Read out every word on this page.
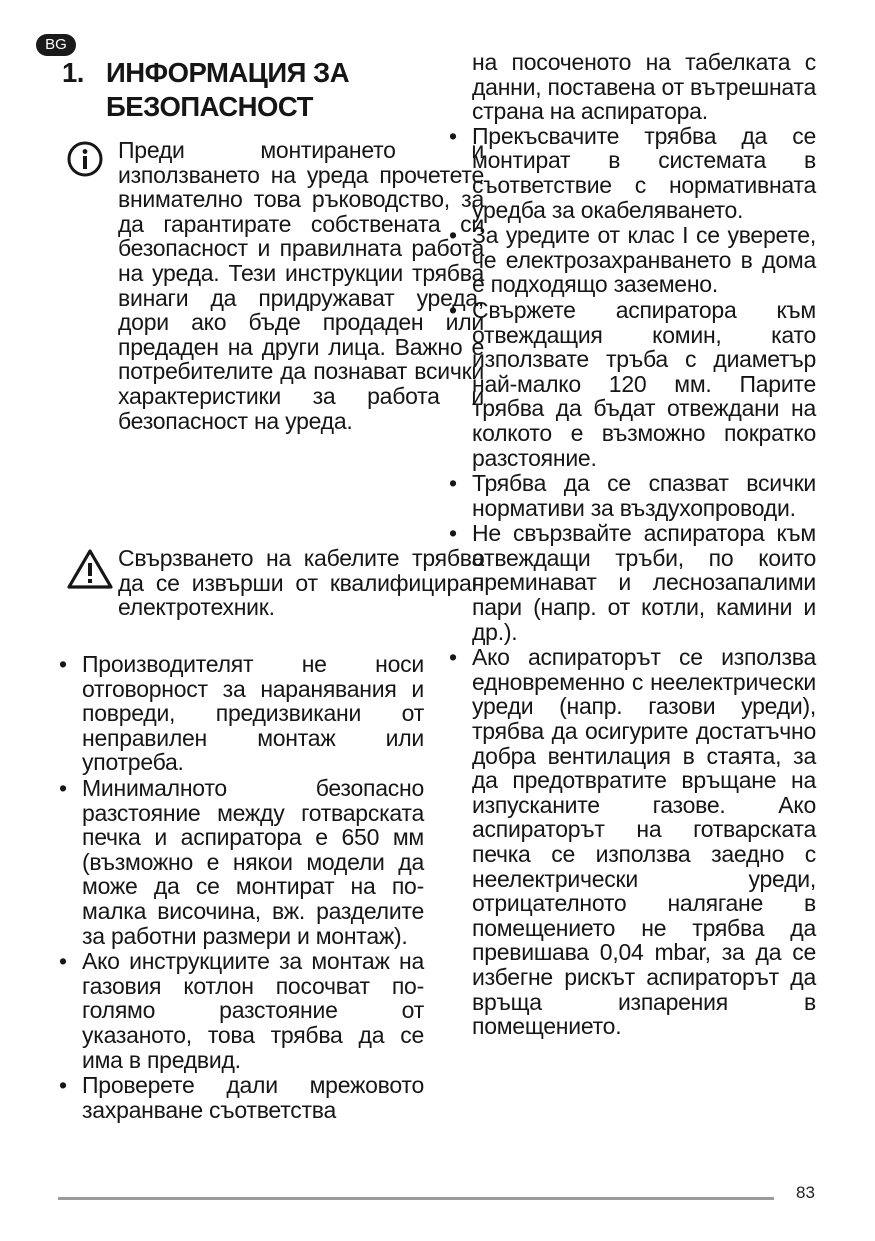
BG
1. ИНФОРМАЦИЯ ЗА БЕЗОПАСНОСТ

Преди монтирането и използването на уреда прочетете внимателно това ръководство, за да гарантирате собствената си безопасност и правилната работа на уреда. Тези инструкции трябва винаги да придружават уреда, дори ако бъде продаден или предаден на други лица. Важно е потребителите да познават всички характеристики за работа и безопасност на уреда.

Свързването на кабелите трябва да се извърши от квалифициран електротехник.

• Производителят не носи отговорност за наранявания и повреди, предизвикани от неправилен монтаж или употреба.
• Минималното безопасно разстояние между готварската печка и аспиратора е 650 мм (възможно е някои модели да може да се монтират на по-малка височина, вж. разделите за работни размери и монтаж).
• Ако инструкциите за монтаж на газовия котлон посочват по-голямо разстояние от указаното, това трябва да се има в предвид.
• Проверете дали мрежовото захранване съответства

на посоченото на табелката с данни, поставена от вътрешната страна на аспиратора.

• Прекъсвачите трябва да се монтират в системата в съответствие с нормативната уредба за окабеляването.
• За уредите от клас I се уверете, че електрозахранването в дома е подходящо заземено.
• Свържете аспиратора към отвеждащия комин, като използвате тръба с диаметър най-малко 120 мм. Парите трябва да бъдат отвеждани на колкото е възможно пократко разстояние.
• Трябва да се спазват всички нормативи за въздухопроводи.
• Не свързвайте аспиратора към отвеждащи тръби, по които преминават и леснозапалими пари (напр. от котли, камини и др.).
• Ако аспираторът се използва едновременно с неелектрически уреди (напр. газови уреди), трябва да осигурите достатъчно добра вентилация в стаята, за да предотвратите връщане на изпусканите газове. Ако аспираторът на готварската печка се използва заедно с неелектрически уреди, отрицателното налягане в помещението не трябва да превишава 0,04 mbar, за да се избегне рискът аспираторът да връща изпарения в помещението.
83
